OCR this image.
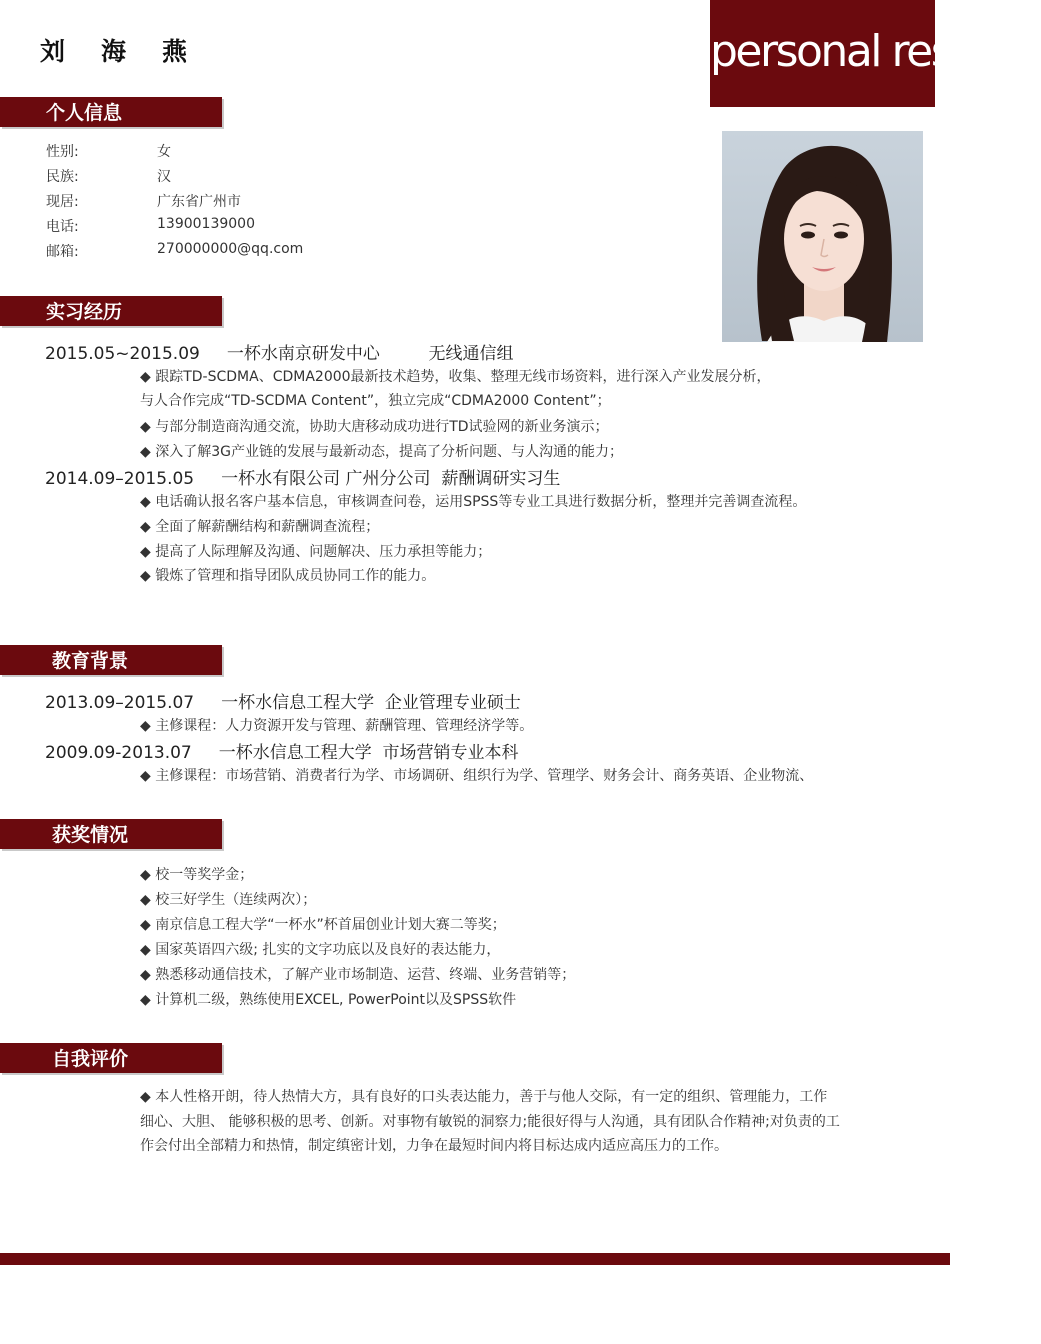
刘 海 燕	personal resume
个人信息
性别:	女
民族:	汉
现居:	广东省广州市
电话:	13900139000
邮箱:	270000000@qq.com
实习经历
2015.05~2015.09     一杯水南京研发中心         无线通信组
◆ 跟踪TD-SCDMA、CDMA2000最新技术趋势，收集、整理无线市场资料，进行深入产业发展分析，
与人合作完成“TD-SCDMA Content”，独立完成“CDMA2000 Content”；
◆ 与部分制造商沟通交流，协助大唐移动成功进行TD试验网的新业务演示；
◆ 深入了解3G产业链的发展与最新动态，提高了分析问题、与人沟通的能力；
2014.09–2015.05     一杯水有限公司 广州分公司  薪酬调研实习生
◆ 电话确认报名客户基本信息，审核调查问卷，运用SPSS等专业工具进行数据分析，整理并完善调查流程。
◆ 全面了解薪酬结构和薪酬调查流程；
◆ 提高了人际理解及沟通、问题解决、压力承担等能力；
◆ 锻炼了管理和指导团队成员协同工作的能力。
教育背景
2013.09–2015.07     一杯水信息工程大学  企业管理专业硕士
◆ 主修课程：人力资源开发与管理、薪酬管理、管理经济学等。
2009.09-2013.07     一杯水信息工程大学  市场营销专业本科
◆ 主修课程：市场营销、消费者行为学、市场调研、组织行为学、管理学、财务会计、商务英语、企业物流、
获奖情况
◆ 校一等奖学金；
◆ 校三好学生（连续两次）；
◆ 南京信息工程大学“一杯水”杯首届创业计划大赛二等奖；
◆ 国家英语四六级; 扎实的文字功底以及良好的表达能力，
◆ 熟悉移动通信技术，了解产业市场制造、运营、终端、业务营销等；
◆ 计算机二级，熟练使用EXCEL, PowerPoint以及SPSS软件
自我评价
◆ 本人性格开朗，待人热情大方，具有良好的口头表达能力，善于与他人交际，有一定的组织、管理能力，工作细心、大胆、 能够积极的思考、创新。对事物有敏锐的洞察力;能很好得与人沟通，具有团队合作精神;对负责的工作会付出全部精力和热情，制定缜密计划，力争在最短时间内将目标达成内适应高压力的工作。
